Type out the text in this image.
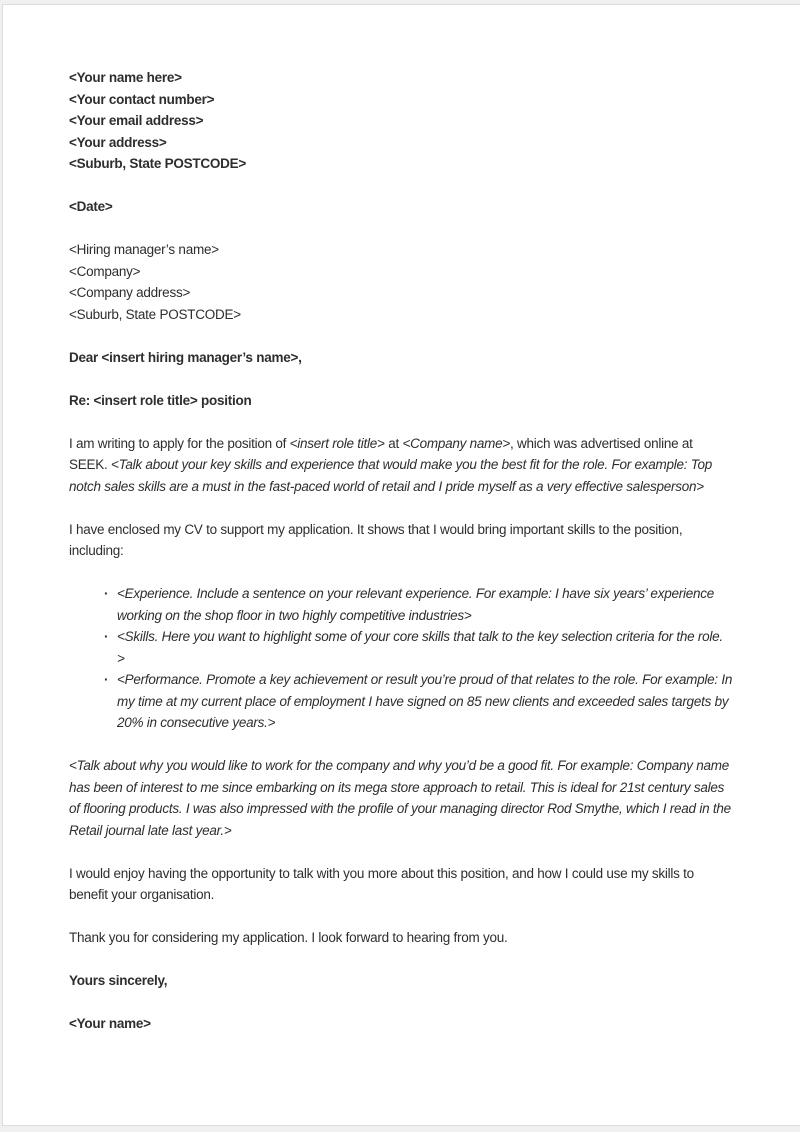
<Your name here>
<Your contact number>
<Your email address>
<Your address>
<Suburb, State POSTCODE>

<Date>

<Hiring manager’s name>
<Company>
<Company address>
<Suburb, State POSTCODE>

Dear <insert hiring manager’s name>,

Re: <insert role title> position

I am writing to apply for the position of <insert role title> at <Company name>, which was advertised online at SEEK. <Talk about your key skills and experience that would make you the best fit for the role. For example: Top notch sales skills are a must in the fast-paced world of retail and I pride myself as a very effective salesperson>

I have enclosed my CV to support my application. It shows that I would bring important skills to the position, including:

· <Experience. Include a sentence on your relevant experience. For example: I have six years’ experience working on the shop floor in two highly competitive industries>
· <Skills. Here you want to highlight some of your core skills that talk to the key selection criteria for the role. >
· <Performance. Promote a key achievement or result you’re proud of that relates to the role. For example: In my time at my current place of employment I have signed on 85 new clients and exceeded sales targets by 20% in consecutive years.>

<Talk about why you would like to work for the company and why you’d be a good fit. For example: Company name has been of interest to me since embarking on its mega store approach to retail. This is ideal for 21st century sales of flooring products. I was also impressed with the profile of your managing director Rod Smythe, which I read in the Retail journal late last year.>

I would enjoy having the opportunity to talk with you more about this position, and how I could use my skills to benefit your organisation.

Thank you for considering my application. I look forward to hearing from you.

Yours sincerely,

<Your name>
